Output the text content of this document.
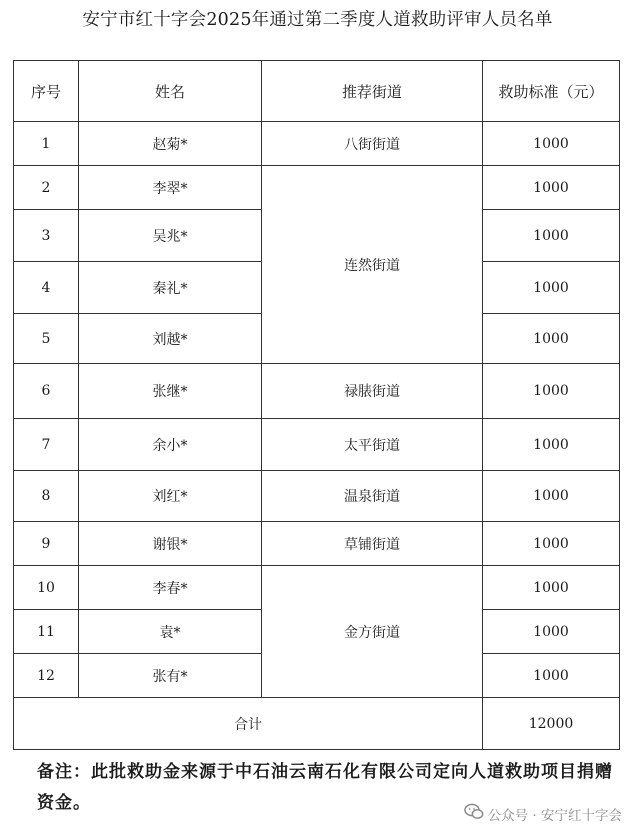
安宁市红十字会2025年通过第二季度人道救助评审人员名单
序号	姓名	推荐街道	救助标准（元）
1	赵菊*	八街街道	1000
2	李翠*	连然街道	1000
3	吴兆*		1000
4	秦礼*		1000
5	刘越*		1000
6	张继*	禄脿街道	1000
7	余小*	太平街道	1000
8	刘红*	温泉街道	1000
9	谢银*	草铺街道	1000
10	李春*	金方街道	1000
11	袁*		1000
12	张有*		1000
合计			12000
备注：此批救助金来源于中石油云南石化有限公司定向人道救助项目捐赠资金。
公众号 · 安宁红十字会
